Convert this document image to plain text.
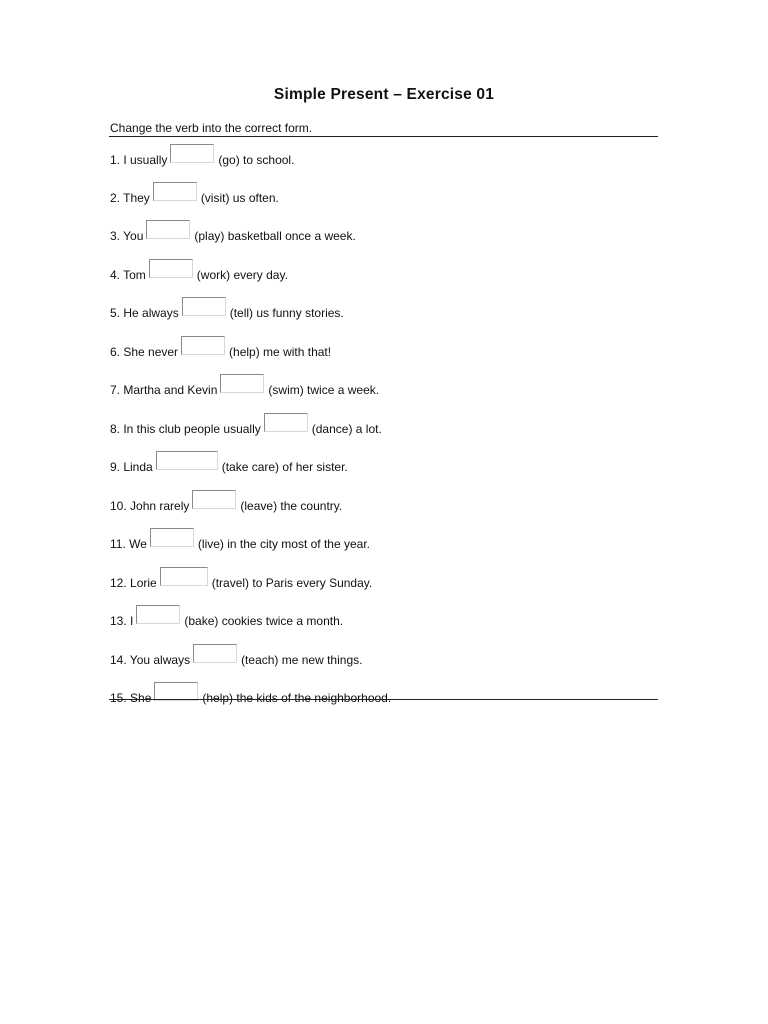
Simple Present – Exercise 01
Change the verb into the correct form.
1. I usually	(go) to school.
2. They	(visit) us often.
3. You	(play) basketball once a week.
4. Tom	(work) every day.
5. He always	(tell) us funny stories.
6. She never	(help) me with that!
7. Martha and Kevin	(swim) twice a week.
8. In this club people usually	(dance) a lot.
9. Linda	(take care) of her sister.
10. John rarely	(leave) the country.
11. We	(live) in the city most of the year.
12. Lorie	(travel) to Paris every Sunday.
13. I	(bake) cookies twice a month.
14. You always	(teach) me new things.
15. She	(help) the kids of the neighborhood.
